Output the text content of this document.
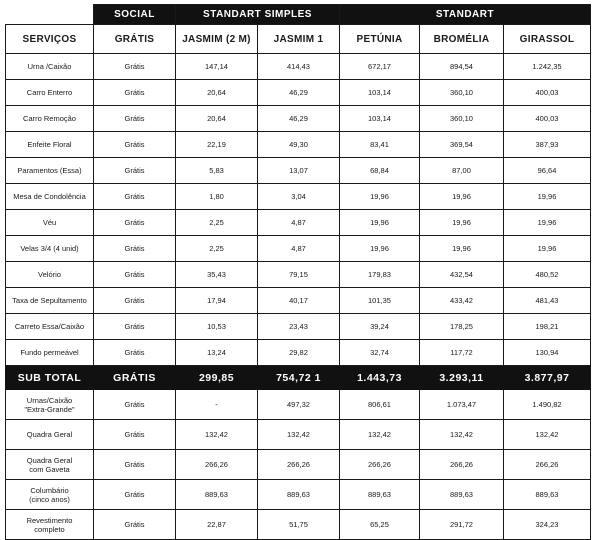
	SOCIAL	STANDART SIMPLES		STANDART		
SERVIÇOS	GRÁTIS	JASMIM (2 M)	JASMIM 1	PETÚNIA	BROMÉLIA	GIRASSOL
Urna /Caixão	Grátis	147,14	414,43	672,17	894,54	1.242,35
Carro Enterro	Grátis	20,64	46,29	103,14	360,10	400,03
Carro Remoção	Grátis	20,64	46,29	103,14	360,10	400,03
Enfeite Floral	Grátis	22,19	49,30	83,41	369,54	387,93
Paramentos (Essa)	Grátis	5,83	13,07	68,84	87,00	96,64
Mesa de Condolência	Grátis	1,80	3,04	19,96	19,96	19,96
Véu	Grátis	2,25	4,87	19,96	19,96	19,96
Velas 3/4 (4 unid)	Grátis	2,25	4,87	19,96	19,96	19,96
Velório	Grátis	35,43	79,15	179,83	432,54	480,52
Taxa de Sepultamento	Grátis	17,94	40,17	101,35	433,42	481,43
Carreto Essa/Caixão	Grátis	10,53	23,43	39,24	178,25	198,21
Fundo permeável	Grátis	13,24	29,82	32,74	117,72	130,94
SUB TOTAL	GRÁTIS	299,85	754,72 1	1.443,73	3.293,11	3.877,97
Urnas/Caixão
"Extra-Grande"	Grátis	-	497,32	806,61	1.073,47	1.490,82
Quadra Geral	Grátis	132,42	132,42	132,42	132,42	132,42
Quadra Geral
com Gaveta	Grátis	266,26	266,26	266,26	266,26	266,26
Columbário
(cinco anos)	Grátis	889,63	889,63	889,63	889,63	889,63
Revestimento
completo	Grátis	22,87	51,75	65,25	291,72	324,23
